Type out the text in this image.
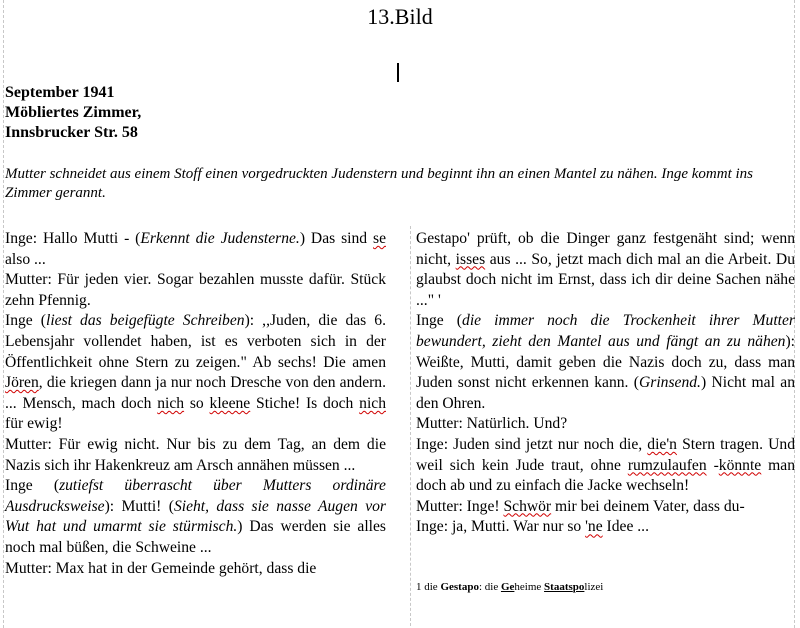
13.Bild
September 1941
Möbliertes Zimmer,
Innsbrucker Str. 58
Mutter schneidet aus einem Stoff einen vorgedruckten Judenstern und beginnt ihn an einen Mantel zu nähen. Inge kommt ins Zimmer gerannt.

Inge: Hallo Mutti - (Erkennt die Judensterne.) Das sind se also ...

Mutter: Für jeden vier. Sogar bezahlen musste dafür. Stück zehn Pfennig.

Inge (liest das beigefügte Schreiben): ,,Juden, die das 6. Lebensjahr vollendet haben, ist es verboten sich in der Öffentlichkeit ohne Stern zu zeigen." Ab sechs! Die amen Jören, die kriegen dann ja nur noch Dresche von den andern. ... Mensch, mach doch nich so kleene Stiche! Is doch nich für ewig!

Mutter: Für ewig nicht. Nur bis zu dem Tag, an dem die Nazis sich ihr Hakenkreuz am Arsch annähen müssen ...

Inge (zutiefst überrascht über Mutters ordinäre Ausdrucksweise): Mutti! (Sieht, dass sie nasse Augen vor Wut hat und umarmt sie stürmisch.) Das werden sie alles noch mal büßen, die Schweine ...

Mutter: Max hat in der Gemeinde gehört, dass die

Gestapo' prüft, ob die Dinger ganz festgenäht sind; wenn nicht, isses aus ... So, jetzt mach dich mal an die Arbeit. Du glaubst doch nicht im Ernst, dass ich dir deine Sachen nähe ..." '

Inge (die immer noch die Trockenheit ihrer Mutter bewundert, zieht den Mantel aus und fängt an zu nähen): Weißte, Mutti, damit geben die Nazis doch zu, dass man Juden sonst nicht erkennen kann. (Grinsend.) Nicht mal an den Ohren.

Mutter: Natürlich. Und?

Inge: Juden sind jetzt nur noch die, die'n Stern tragen. Und weil sich kein Jude traut, ohne rumzulaufen -könnte man doch ab und zu einfach die Jacke wechseln!

Mutter: Inge! Schwör mir bei deinem Vater, dass du-

Inge: ja, Mutti. War nur so 'ne Idee ...

1 die Gestapo: die Geheime Staatspolizei
